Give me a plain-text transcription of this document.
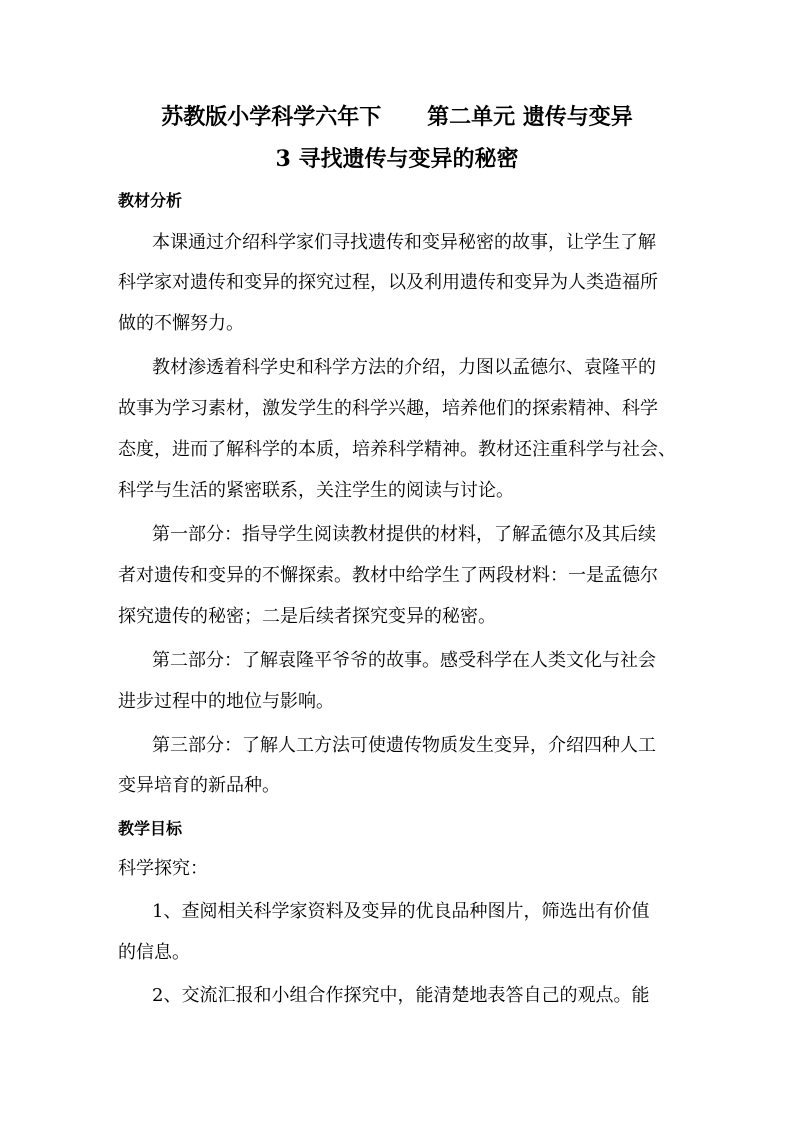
苏教版小学科学六年下      第二单元 遗传与变异
3 寻找遗传与变异的秘密
教材分析
本课通过介绍科学家们寻找遗传和变异秘密的故事，让学生了解
科学家对遗传和变异的探究过程，以及利用遗传和变异为人类造福所
做的不懈努力。
教材渗透着科学史和科学方法的介绍，力图以孟德尔、袁隆平的
故事为学习素材，激发学生的科学兴趣，培养他们的探索精神、科学
态度，进而了解科学的本质，培养科学精神。教材还注重科学与社会、
科学与生活的紧密联系，关注学生的阅读与讨论。
第一部分：指导学生阅读教材提供的材料，了解孟德尔及其后续
者对遗传和变异的不懈探索。教材中给学生了两段材料：一是孟德尔
探究遗传的秘密；二是后续者探究变异的秘密。
第二部分：了解袁隆平爷爷的故事。感受科学在人类文化与社会
进步过程中的地位与影响。
第三部分：了解人工方法可使遗传物质发生变异，介绍四种人工
变异培育的新品种。
教学目标
科学探究：
1、查阅相关科学家资料及变异的优良品种图片，筛选出有价值
的信息。
2、交流汇报和小组合作探究中，能清楚地表答自己的观点。能
